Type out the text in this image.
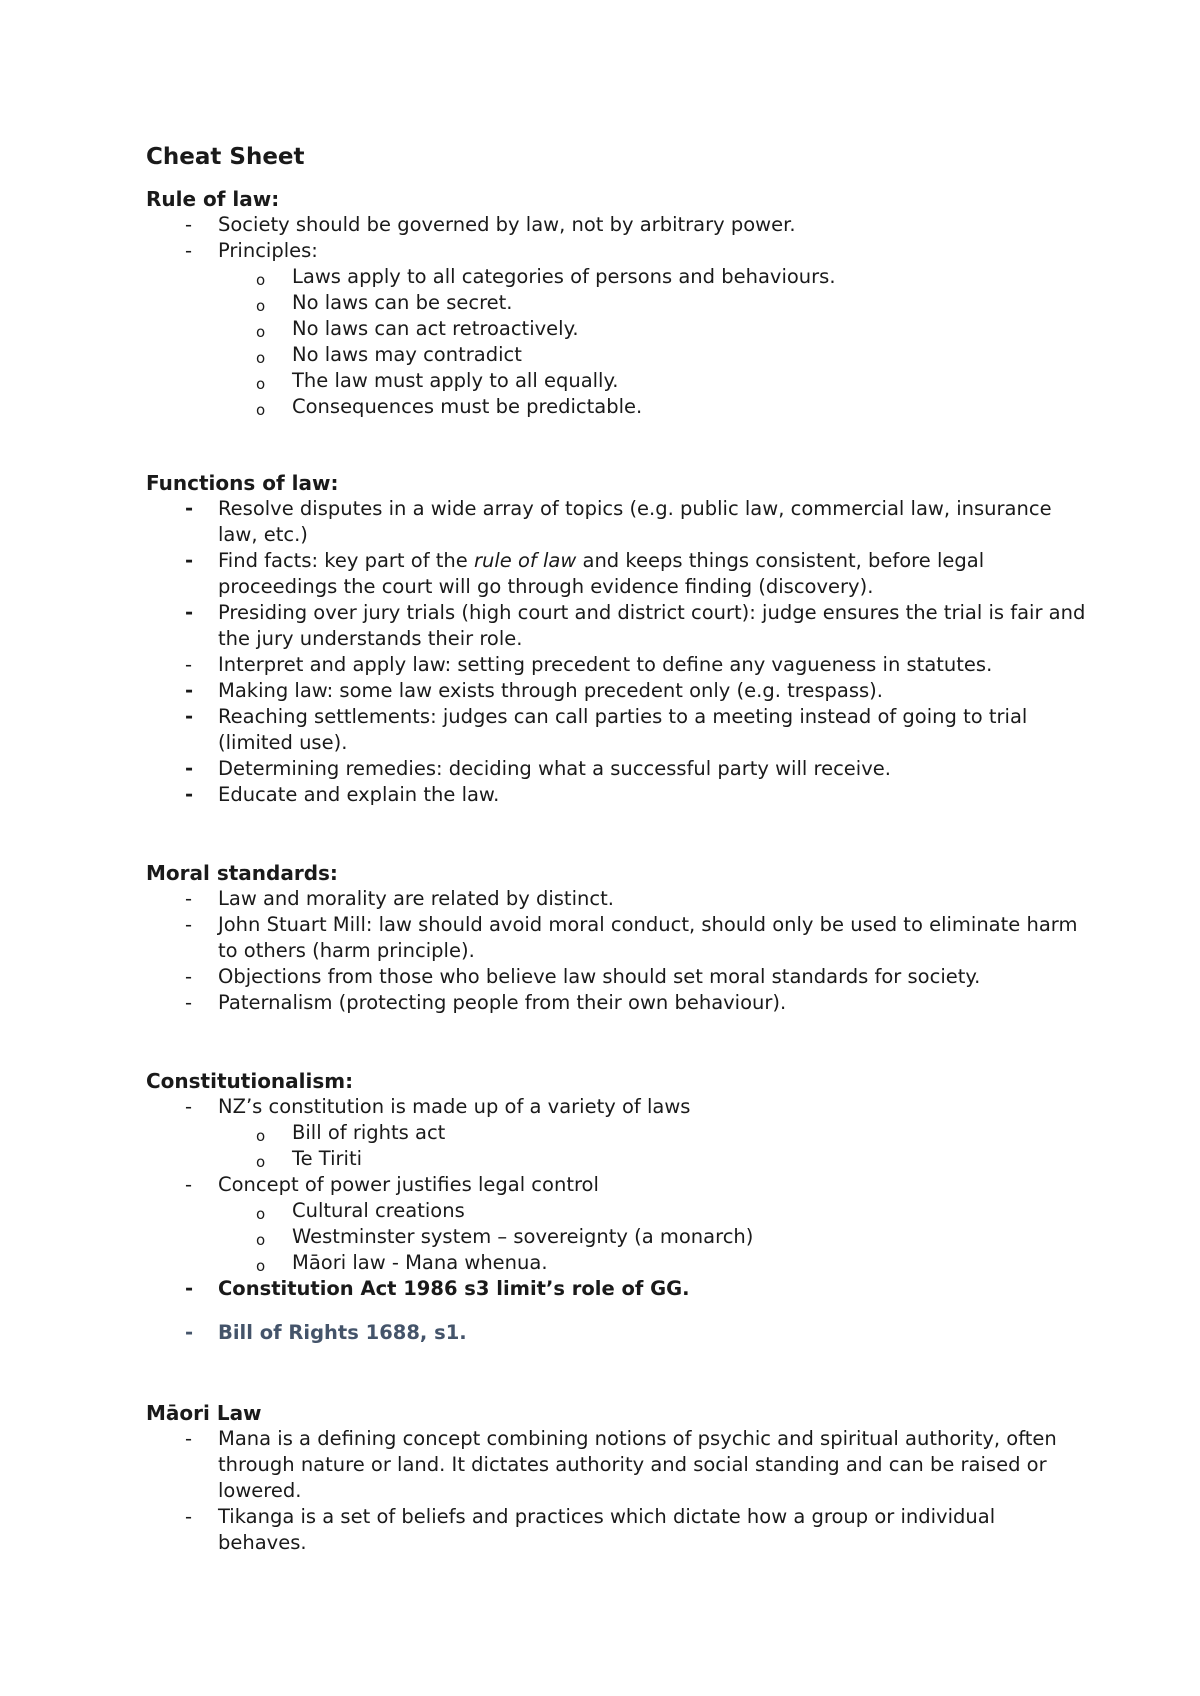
Cheat Sheet

Rule of law:

- Society should be governed by law, not by arbitrary power.
- Principles:
o Laws apply to all categories of persons and behaviours.
o No laws can be secret.
o No laws can act retroactively.
o No laws may contradict
o The law must apply to all equally.
o Consequences must be predictable.

Functions of law:

- Resolve disputes in a wide array of topics (e.g. public law, commercial law, insurance law, etc.)
- Find facts: key part of the rule of law and keeps things consistent, before legal proceedings the court will go through evidence finding (discovery).
- Presiding over jury trials (high court and district court): judge ensures the trial is fair and the jury understands their role.
- Interpret and apply law: setting precedent to define any vagueness in statutes.
- Making law: some law exists through precedent only (e.g. trespass).
- Reaching settlements: judges can call parties to a meeting instead of going to trial (limited use).
- Determining remedies: deciding what a successful party will receive.
- Educate and explain the law.

Moral standards:

- Law and morality are related by distinct.
- John Stuart Mill: law should avoid moral conduct, should only be used to eliminate harm to others (harm principle).
- Objections from those who believe law should set moral standards for society.
- Paternalism (protecting people from their own behaviour).

Constitutionalism:

- NZ’s constitution is made up of a variety of laws
o Bill of rights act
o Te Tiriti
- Concept of power justifies legal control
o Cultural creations
o Westminster system – sovereignty (a monarch)
o Māori law - Mana whenua.
- Constitution Act 1986 s3 limit’s role of GG.
- Bill of Rights 1688, s1.

Māori Law

- Mana is a defining concept combining notions of psychic and spiritual authority, often through nature or land. It dictates authority and social standing and can be raised or lowered.
- Tikanga is a set of beliefs and practices which dictate how a group or individual behaves.
